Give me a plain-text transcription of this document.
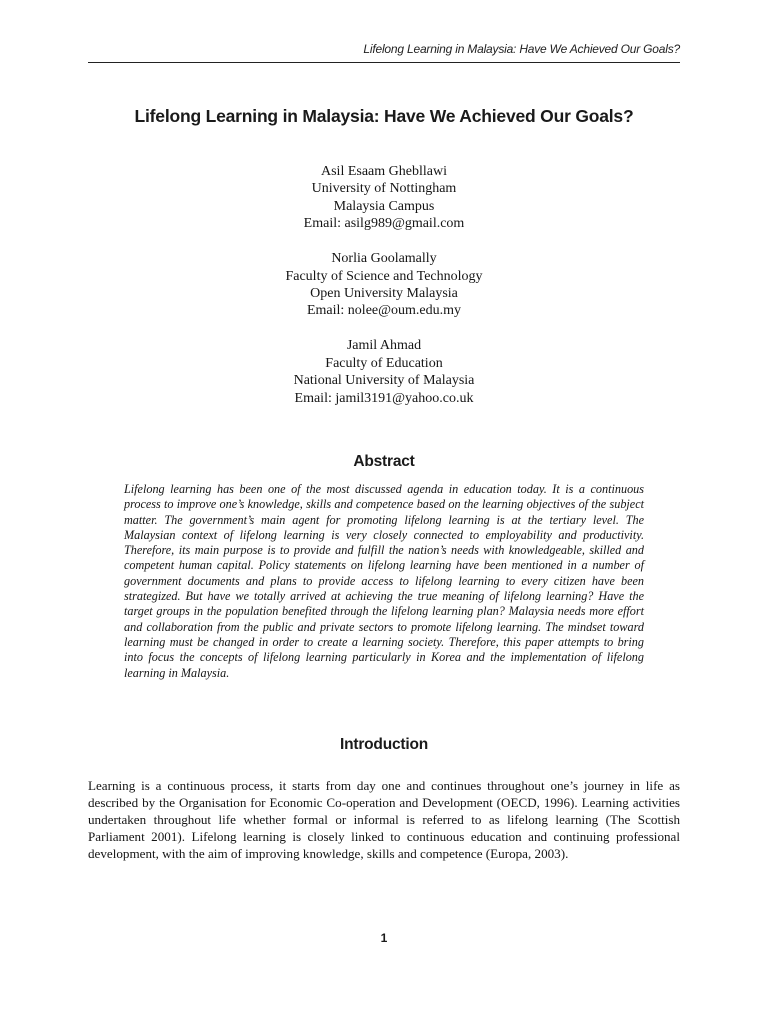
Lifelong Learning in Malaysia: Have We Achieved Our Goals?
Lifelong Learning in Malaysia: Have We Achieved Our Goals?
Asil Esaam Ghebllawi
University of Nottingham
Malaysia Campus
Email: asilg989@gmail.com
Norlia Goolamally
Faculty of Science and Technology
Open University Malaysia
Email: nolee@oum.edu.my
Jamil Ahmad
Faculty of Education
National University of Malaysia
Email: jamil3191@yahoo.co.uk
Abstract

Lifelong learning has been one of the most discussed agenda in education today. It is a continuous process to improve one’s knowledge, skills and competence based on the learning objectives of the subject matter. The government’s main agent for promoting lifelong learning is at the tertiary level. The Malaysian context of lifelong learning is very closely connected to employability and productivity. Therefore, its main purpose is to provide and fulfill the nation’s needs with knowledgeable, skilled and competent human capital. Policy statements on lifelong learning have been mentioned in a number of government documents and plans to provide access to lifelong learning to every citizen have been strategized. But have we totally arrived at achieving the true meaning of lifelong learning? Have the target groups in the population benefited through the lifelong learning plan? Malaysia needs more effort and collaboration from the public and private sectors to promote lifelong learning. The mindset toward learning must be changed in order to create a learning society. Therefore, this paper attempts to bring into focus the concepts of lifelong learning particularly in Korea and the implementation of lifelong learning in Malaysia.

Introduction

Learning is a continuous process, it starts from day one and continues throughout one’s journey in life as described by the Organisation for Economic Co-operation and Development (OECD, 1996). Learning activities undertaken throughout life whether formal or informal is referred to as lifelong learning (The Scottish Parliament 2001). Lifelong learning is closely linked to continuous education and continuing professional development, with the aim of improving knowledge, skills and competence (Europa, 2003).

1
